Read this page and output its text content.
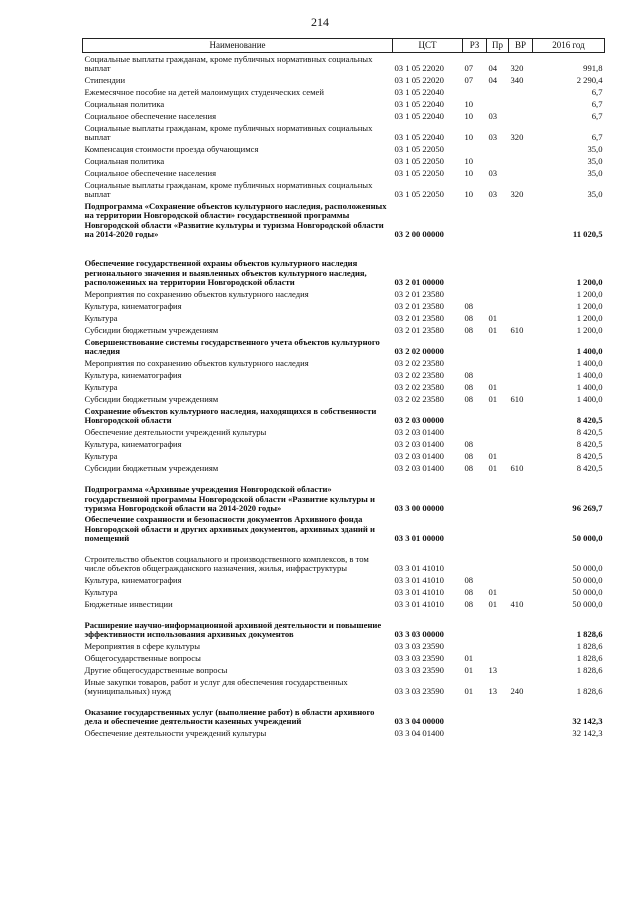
214
Наименование	ЦСТ	РЗ	Пр	ВР	2016 год
Социальные выплаты гражданам, кроме публичных нормативных социальных выплат	03 1 05 22020	07	04	320	991,8
Стипендии	03 1 05 22020	07	04	340	2 290,4
Ежемесячное пособие на детей малоимущих студенческих семей	03 1 05 22040				6,7
Социальная политика	03 1 05 22040	10			6,7
Социальное обеспечение населения	03 1 05 22040	10	03		6,7
Социальные выплаты гражданам, кроме публичных нормативных социальных выплат	03 1 05 22040	10	03	320	6,7
Компенсация стоимости проезда обучающимся	03 1 05 22050				35,0
Социальная политика	03 1 05 22050	10			35,0
Социальное обеспечение населения	03 1 05 22050	10	03		35,0
Социальные выплаты гражданам, кроме публичных нормативных социальных выплат	03 1 05 22050	10	03	320	35,0
Подпрограмма «Сохранение объектов культурного наследия, расположенных на территории Новгородской области» государственной программы Новгородской области «Развитие культуры и туризма Новгородской области на 2014-2020 годы»	03 2 00 00000				11 020,5
Обеспечение государственной охраны объектов культурного наследия регионального значения и выявленных объектов культурного наследия, расположенных на территории Новгородской области	03 2 01 00000				1 200,0
Мероприятия по сохранению объектов культурного наследия	03 2 01 23580				1 200,0
Культура, кинематография	03 2 01 23580	08			1 200,0
Культура	03 2 01 23580	08	01		1 200,0
Субсидии бюджетным учреждениям	03 2 01 23580	08	01	610	1 200,0
Совершенствование системы государственного учета объектов культурного наследия	03 2 02 00000				1 400,0
Мероприятия по сохранению объектов культурного наследия	03 2 02 23580				1 400,0
Культура, кинематография	03 2 02 23580	08			1 400,0
Культура	03 2 02 23580	08	01		1 400,0
Субсидии бюджетным учреждениям	03 2 02 23580	08	01	610	1 400,0
Сохранение объектов культурного наследия, находящихся в собственности Новгородской области	03 2 03 00000				8 420,5
Обеспечение деятельности учреждений культуры	03 2 03 01400				8 420,5
Культура, кинематография	03 2 03 01400	08			8 420,5
Культура	03 2 03 01400	08	01		8 420,5
Субсидии бюджетным учреждениям	03 2 03 01400	08	01	610	8 420,5
Подпрограмма «Архивные учреждения Новгородской области» государственной программы Новгородской области «Развитие культуры и туризма Новгородской области на 2014-2020 годы»	03 3 00 00000				96 269,7
Обеспечение сохранности и безопасности документов Архивного фонда Новгородской области и других архивных документов, архивных зданий и помещений	03 3 01 00000				50 000,0
Строительство объектов социального и производственного комплексов, в том числе объектов общегражданского назначения, жилья, инфраструктуры	03 3 01 41010				50 000,0
Культура, кинематография	03 3 01 41010	08			50 000,0
Культура	03 3 01 41010	08	01		50 000,0
Бюджетные инвестиции	03 3 01 41010	08	01	410	50 000,0
Расширение научно-информационной архивной деятельности и повышение эффективности использования архивных документов	03 3 03 00000				1 828,6
Мероприятия в сфере культуры	03 3 03 23590				1 828,6
Общегосударственные вопросы	03 3 03 23590	01			1 828,6
Другие общегосударственные вопросы	03 3 03 23590	01	13		1 828,6
Иные закупки товаров, работ и услуг для обеспечения государственных (муниципальных) нужд	03 3 03 23590	01	13	240	1 828,6
Оказание государственных услуг (выполнение работ) в области архивного дела и обеспечение деятельности казенных учреждений	03 3 04 00000				32 142,3
Обеспечение деятельности учреждений культуры	03 3 04 01400				32 142,3
